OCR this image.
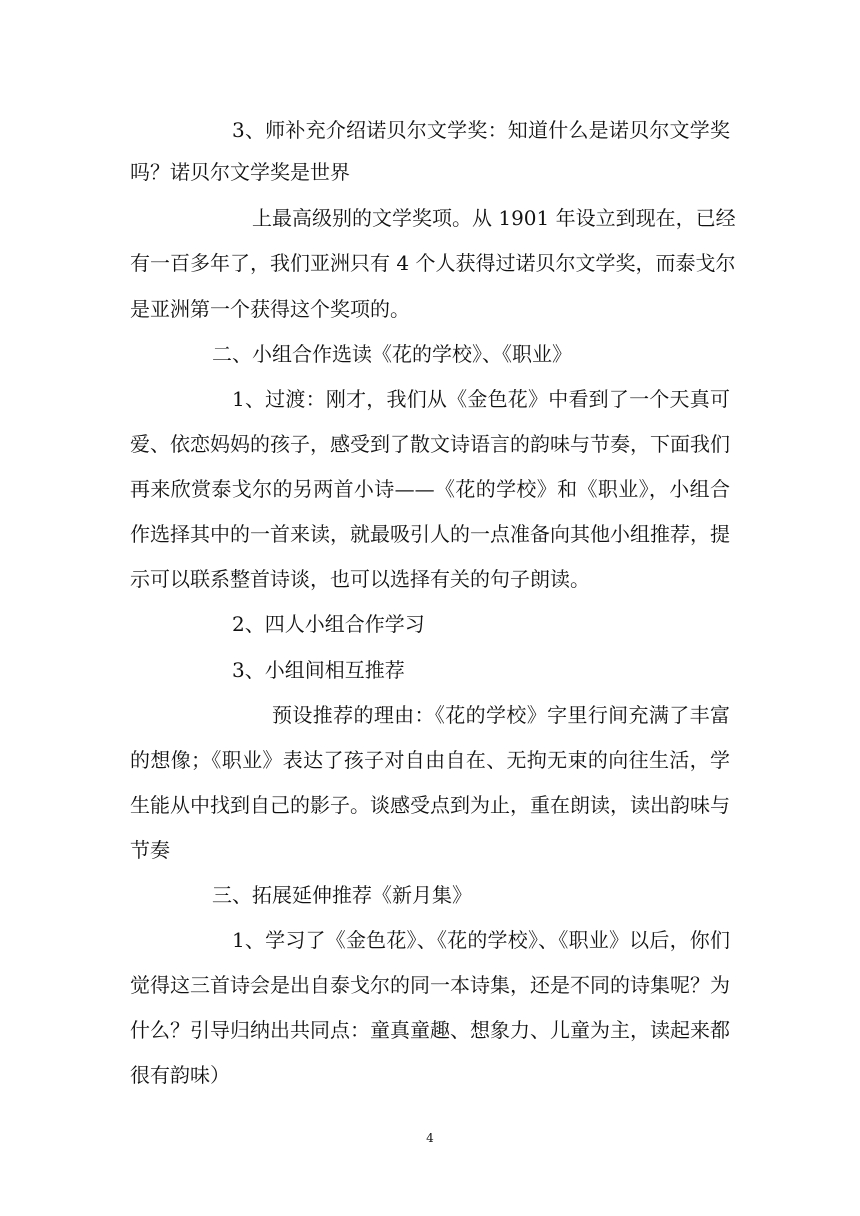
3、师补充介绍诺贝尔文学奖：知道什么是诺贝尔文学奖
吗？诺贝尔文学奖是世界
上最高级别的文学奖项。从 1901 年设立到现在，已经
有一百多年了，我们亚洲只有 4 个人获得过诺贝尔文学奖，而泰戈尔
是亚洲第一个获得这个奖项的。
二、小组合作选读《花的学校》、《职业》
1、过渡：刚才，我们从《金色花》中看到了一个天真可
爱、依恋妈妈的孩子，感受到了散文诗语言的韵味与节奏，下面我们
再来欣赏泰戈尔的另两首小诗——《花的学校》和《职业》，小组合
作选择其中的一首来读，就最吸引人的一点准备向其他小组推荐，提
示可以联系整首诗谈，也可以选择有关的句子朗读。
2、四人小组合作学习
3、小组间相互推荐
预设推荐的理由：《花的学校》字里行间充满了丰富
的想像；《职业》表达了孩子对自由自在、无拘无束的向往生活，学
生能从中找到自己的影子。谈感受点到为止，重在朗读，读出韵味与
节奏
三、拓展延伸推荐《新月集》
1、学习了《金色花》、《花的学校》、《职业》以后，你们
觉得这三首诗会是出自泰戈尔的同一本诗集，还是不同的诗集呢？为
什么？引导归纳出共同点：童真童趣、想象力、儿童为主，读起来都
很有韵味）
4
